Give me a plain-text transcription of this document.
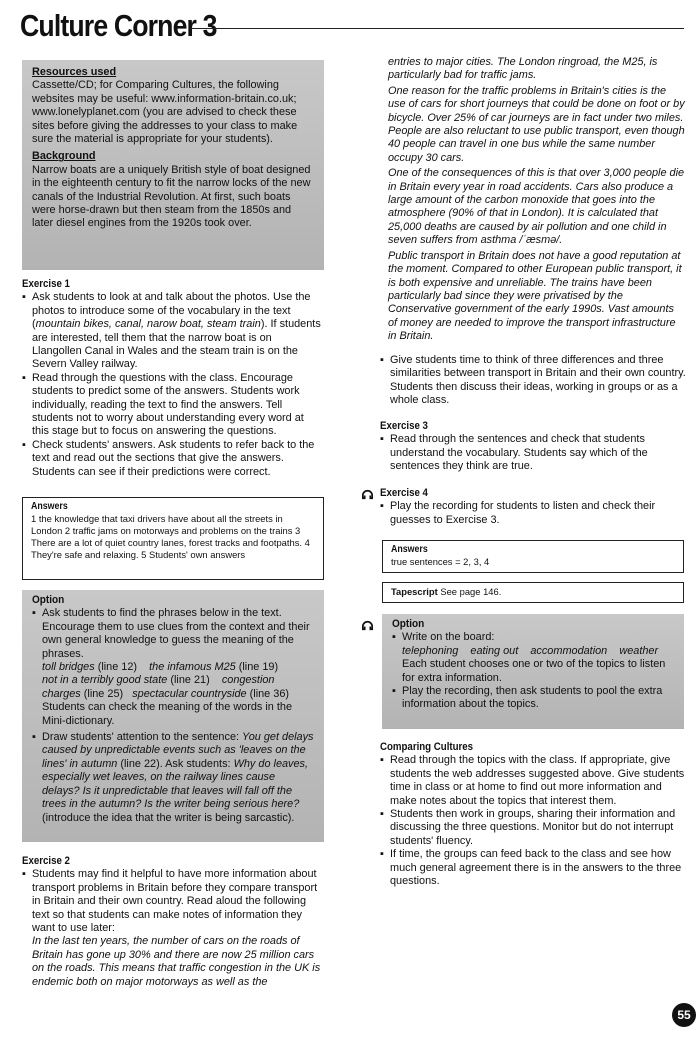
Culture Corner 3

Resources used

Cassette/CD; for Comparing Cultures, the following websites may be useful: www.information-britain.co.uk; www.lonelyplanet.com (you are advised to check these sites before giving the addresses to your class to make sure the material is appropriate for your students).

Background

Narrow boats are a uniquely British style of boat designed in the eighteenth century to fit the narrow locks of the new canals of the Industrial Revolution. At first, such boats were horse-drawn but then steam from the 1850s and later diesel engines from the 1920s took over.

Exercise 1

▪ Ask students to look at and talk about the photos. Use the photos to introduce some of the vocabulary in the text (mountain bikes, canal, narow boat, steam train). If students are interested, tell them that the narrow boat is on Llangollen Canal in Wales and the steam train is on the Severn Valley railway.
▪ Read through the questions with the class. Encourage students to predict some of the answers. Students work individually, reading the text to find the answers. Tell students not to worry about understanding every word at this stage but to focus on answering the questions.
▪ Check students' answers. Ask students to refer back to the text and read out the sections that give the answers. Students can see if their predictions were correct.
Answers
1 the knowledge that taxi drivers have about all the streets in London 2 traffic jams on motorways and problems on the trains 3 There are a lot of quiet country lanes, forest tracks and footpaths. 4 They're safe and relaxing. 5 Students' own answers

Option

▪ Ask students to find the phrases below in the text. Encourage them to use clues from the context and their own general knowledge to guess the meaning of the phrases.

toll bridges (line 12) the infamous M25 (line 19)
not in a terribly good state (line 21) congestion charges (line 25) spectacular countryside (line 36)

Students can check the meaning of the words in the Mini-dictionary.

▪ Draw students' attention to the sentence: You get delays caused by unpredictable events such as 'leaves on the lines' in autumn (line 22). Ask students: Why do leaves, especially wet leaves, on the railway lines cause delays? Is it unpredictable that leaves will fall off the trees in the autumn? Is the writer being serious here? (introduce the idea that the writer is being sarcastic).

Exercise 2

▪ Students may find it helpful to have more information about transport problems in Britain before they compare transport in Britain and their own country. Read aloud the following text so that students can make notes of information they want to use later:

In the last ten years, the number of cars on the roads of Britain has gone up 30% and there are now 25 million cars on the roads. This means that traffic congestion in the UK is endemic both on major motorways as well as the

entries to major cities. The London ringroad, the M25, is particularly bad for traffic jams.

One reason for the traffic problems in Britain's cities is the use of cars for short journeys that could be done on foot or by bicycle. Over 25% of car journeys are in fact under two miles. People are also reluctant to use public transport, even though 40 people can travel in one bus while the same number occupy 30 cars.

One of the consequences of this is that over 3,000 people die in Britain every year in road accidents. Cars also produce a large amount of the carbon monoxide that goes into the atmosphere (90% of that in London). It is calculated that 25,000 deaths are caused by air pollution and one child in seven suffers from asthma /ˈæsmə/.

Public transport in Britain does not have a good reputation at the moment. Compared to other European public transport, it is both expensive and unreliable. The trains have been particularly bad since they were privatised by the Conservative government of the early 1990s. Vast amounts of money are needed to improve the transport infrastructure in Britain.

▪ Give students time to think of three differences and three similarities between transport in Britain and their own country. Students then discuss their ideas, working in groups or as a whole class.

Exercise 3

▪ Read through the sentences and check that students understand the vocabulary. Students say which of the sentences they think are true.

Exercise 4

▪ Play the recording for students to listen and check their guesses to Exercise 3.
Answers
true sentences = 2, 3, 4
Tapescript See page 146.

Option

▪ Write on the board:

telephoning    eating out    accommodation    weather

Each student chooses one or two of the topics to listen for extra information.

▪ Play the recording, then ask students to pool the extra information about the topics.

Comparing Cultures

▪ Read through the topics with the class. If appropriate, give students the web addresses suggested above. Give students time in class or at home to find out more information and make notes about the topics that interest them.
▪ Students then work in groups, sharing their information and discussing the three questions. Monitor but do not interrupt students' fluency.
▪ If time, the groups can feed back to the class and see how much general agreement there is in the answers to the three questions.
55
